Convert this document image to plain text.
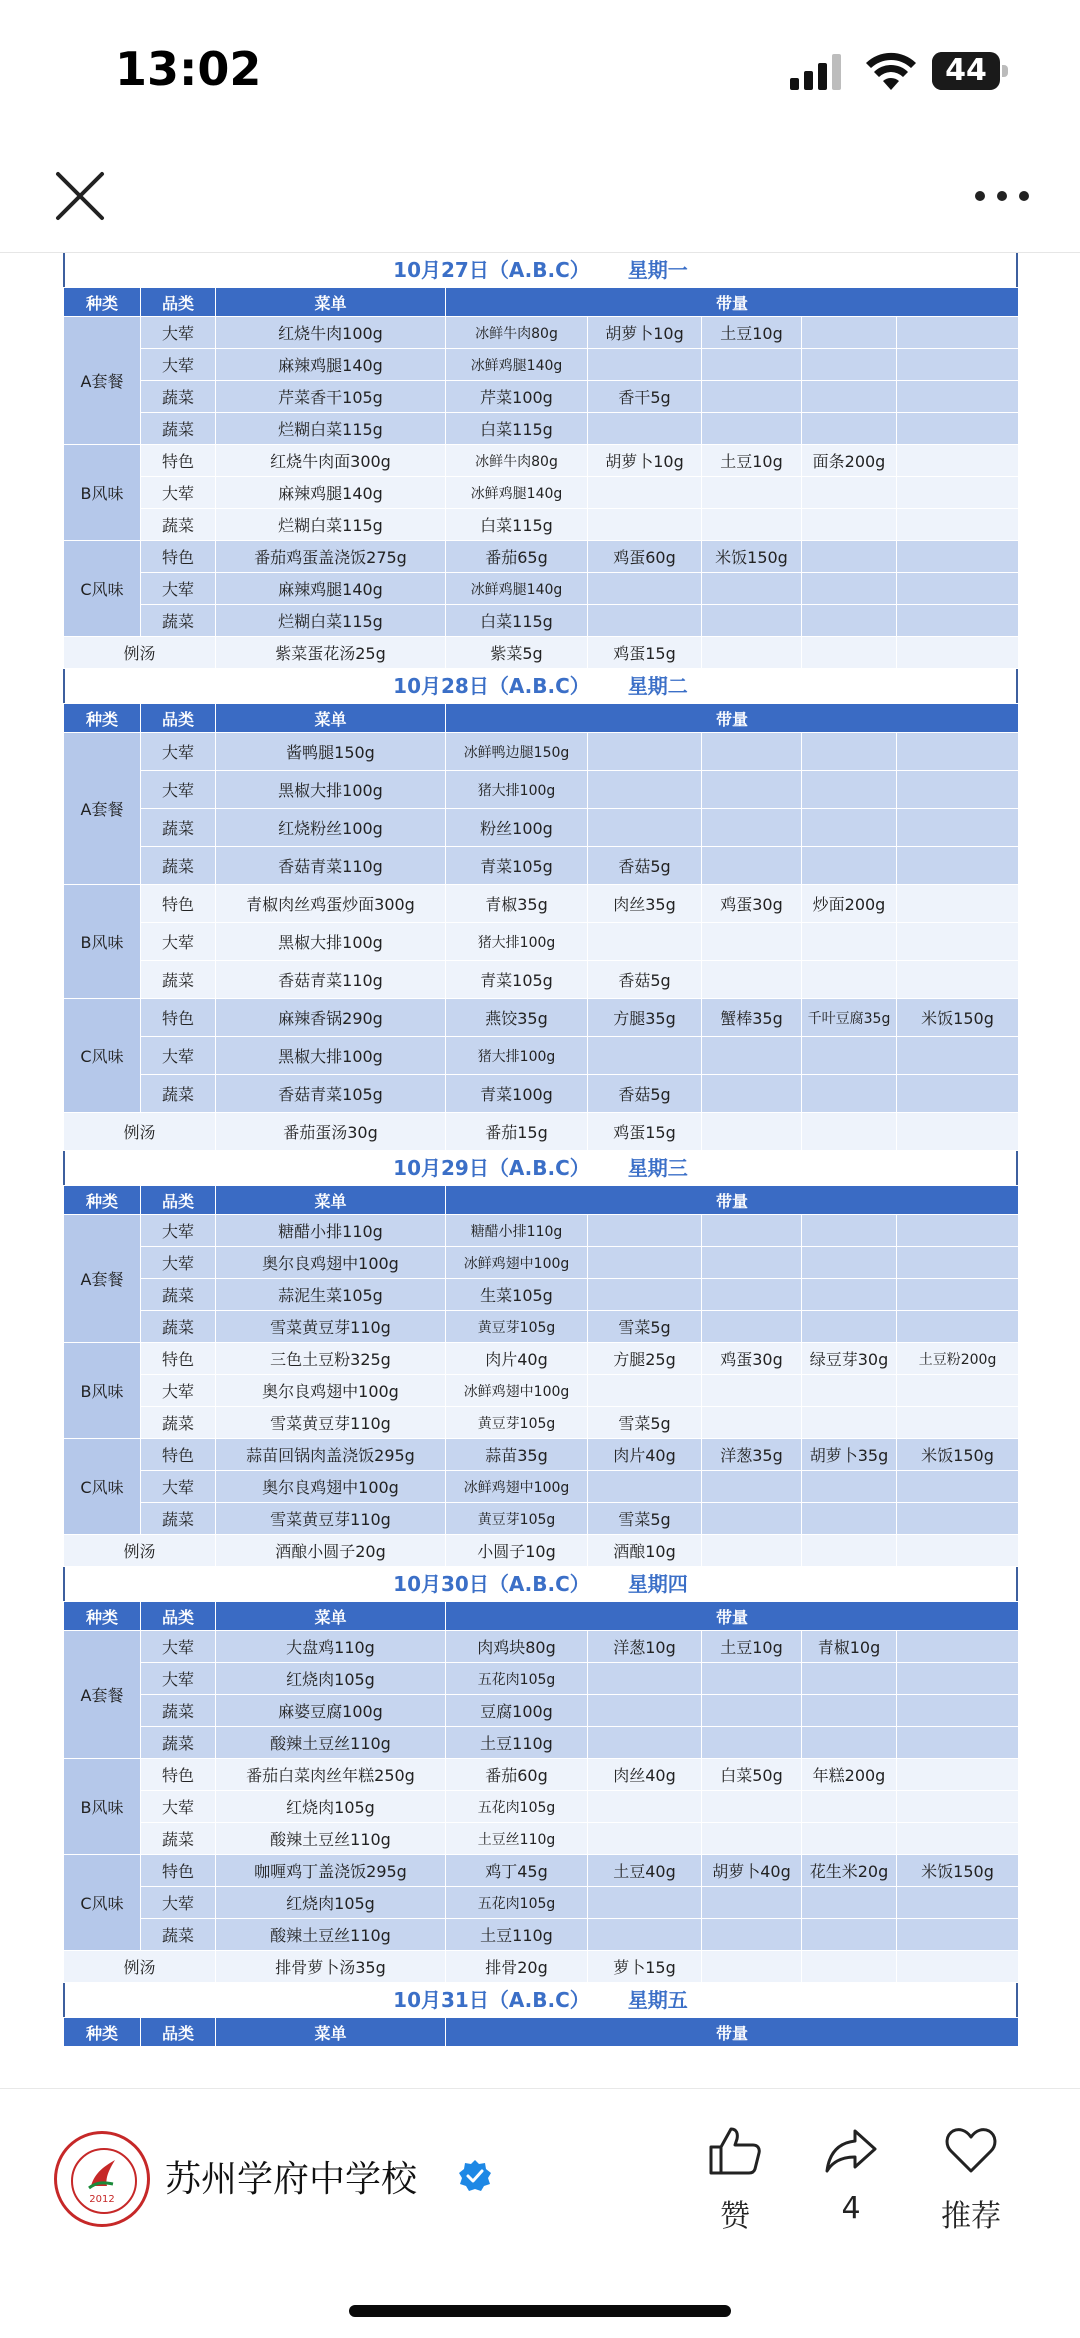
13:02	44
10月27日（A.B.C） 星期一
种类	品类	菜单	带量				
A套餐	大荤	红烧牛肉100g	冰鲜牛肉80g	胡萝卜10g	土豆10g		
	大荤	麻辣鸡腿140g	冰鲜鸡腿140g				
	蔬菜	芹菜香干105g	芹菜100g	香干5g			
	蔬菜	烂糊白菜115g	白菜115g				
B风味	特色	红烧牛肉面300g	冰鲜牛肉80g	胡萝卜10g	土豆10g	面条200g	
	大荤	麻辣鸡腿140g	冰鲜鸡腿140g				
	蔬菜	烂糊白菜115g	白菜115g				
C风味	特色	番茄鸡蛋盖浇饭275g	番茄65g	鸡蛋60g	米饭150g		
	大荤	麻辣鸡腿140g	冰鲜鸡腿140g				
	蔬菜	烂糊白菜115g	白菜115g				
例汤		紫菜蛋花汤25g	紫菜5g	鸡蛋15g			
10月28日（A.B.C） 星期二
种类	品类	菜单	带量				
A套餐	大荤	酱鸭腿150g	冰鲜鸭边腿150g				
	大荤	黑椒大排100g	猪大排100g				
	蔬菜	红烧粉丝100g	粉丝100g				
	蔬菜	香菇青菜110g	青菜105g	香菇5g			
B风味	特色	青椒肉丝鸡蛋炒面300g	青椒35g	肉丝35g	鸡蛋30g	炒面200g	
	大荤	黑椒大排100g	猪大排100g				
	蔬菜	香菇青菜110g	青菜105g	香菇5g			
C风味	特色	麻辣香锅290g	燕饺35g	方腿35g	蟹棒35g	千叶豆腐35g	米饭150g
	大荤	黑椒大排100g	猪大排100g				
	蔬菜	香菇青菜105g	青菜100g	香菇5g			
例汤		番茄蛋汤30g	番茄15g	鸡蛋15g			
10月29日（A.B.C） 星期三
种类	品类	菜单	带量				
A套餐	大荤	糖醋小排110g	糖醋小排110g				
	大荤	奥尔良鸡翅中100g	冰鲜鸡翅中100g				
	蔬菜	蒜泥生菜105g	生菜105g				
	蔬菜	雪菜黄豆芽110g	黄豆芽105g	雪菜5g			
B风味	特色	三色土豆粉325g	肉片40g	方腿25g	鸡蛋30g	绿豆芽30g	土豆粉200g
	大荤	奥尔良鸡翅中100g	冰鲜鸡翅中100g				
	蔬菜	雪菜黄豆芽110g	黄豆芽105g	雪菜5g			
C风味	特色	蒜苗回锅肉盖浇饭295g	蒜苗35g	肉片40g	洋葱35g	胡萝卜35g	米饭150g
	大荤	奥尔良鸡翅中100g	冰鲜鸡翅中100g				
	蔬菜	雪菜黄豆芽110g	黄豆芽105g	雪菜5g			
例汤		酒酿小圆子20g	小圆子10g	酒酿10g			
10月30日（A.B.C） 星期四
种类	品类	菜单	带量				
A套餐	大荤	大盘鸡110g	肉鸡块80g	洋葱10g	土豆10g	青椒10g	
	大荤	红烧肉105g	五花肉105g				
	蔬菜	麻婆豆腐100g	豆腐100g				
	蔬菜	酸辣土豆丝110g	土豆110g				
B风味	特色	番茄白菜肉丝年糕250g	番茄60g	肉丝40g	白菜50g	年糕200g	
	大荤	红烧肉105g	五花肉105g				
	蔬菜	酸辣土豆丝110g	土豆丝110g				
C风味	特色	咖喱鸡丁盖浇饭295g	鸡丁45g	土豆40g	胡萝卜40g	花生米20g	米饭150g
	大荤	红烧肉105g	五花肉105g				
	蔬菜	酸辣土豆丝110g	土豆110g				
例汤		排骨萝卜汤35g	排骨20g	萝卜15g			
10月31日（A.B.C） 星期五
种类	品类	菜单	带量
2012	苏州学府中学校
赞	4	推荐
